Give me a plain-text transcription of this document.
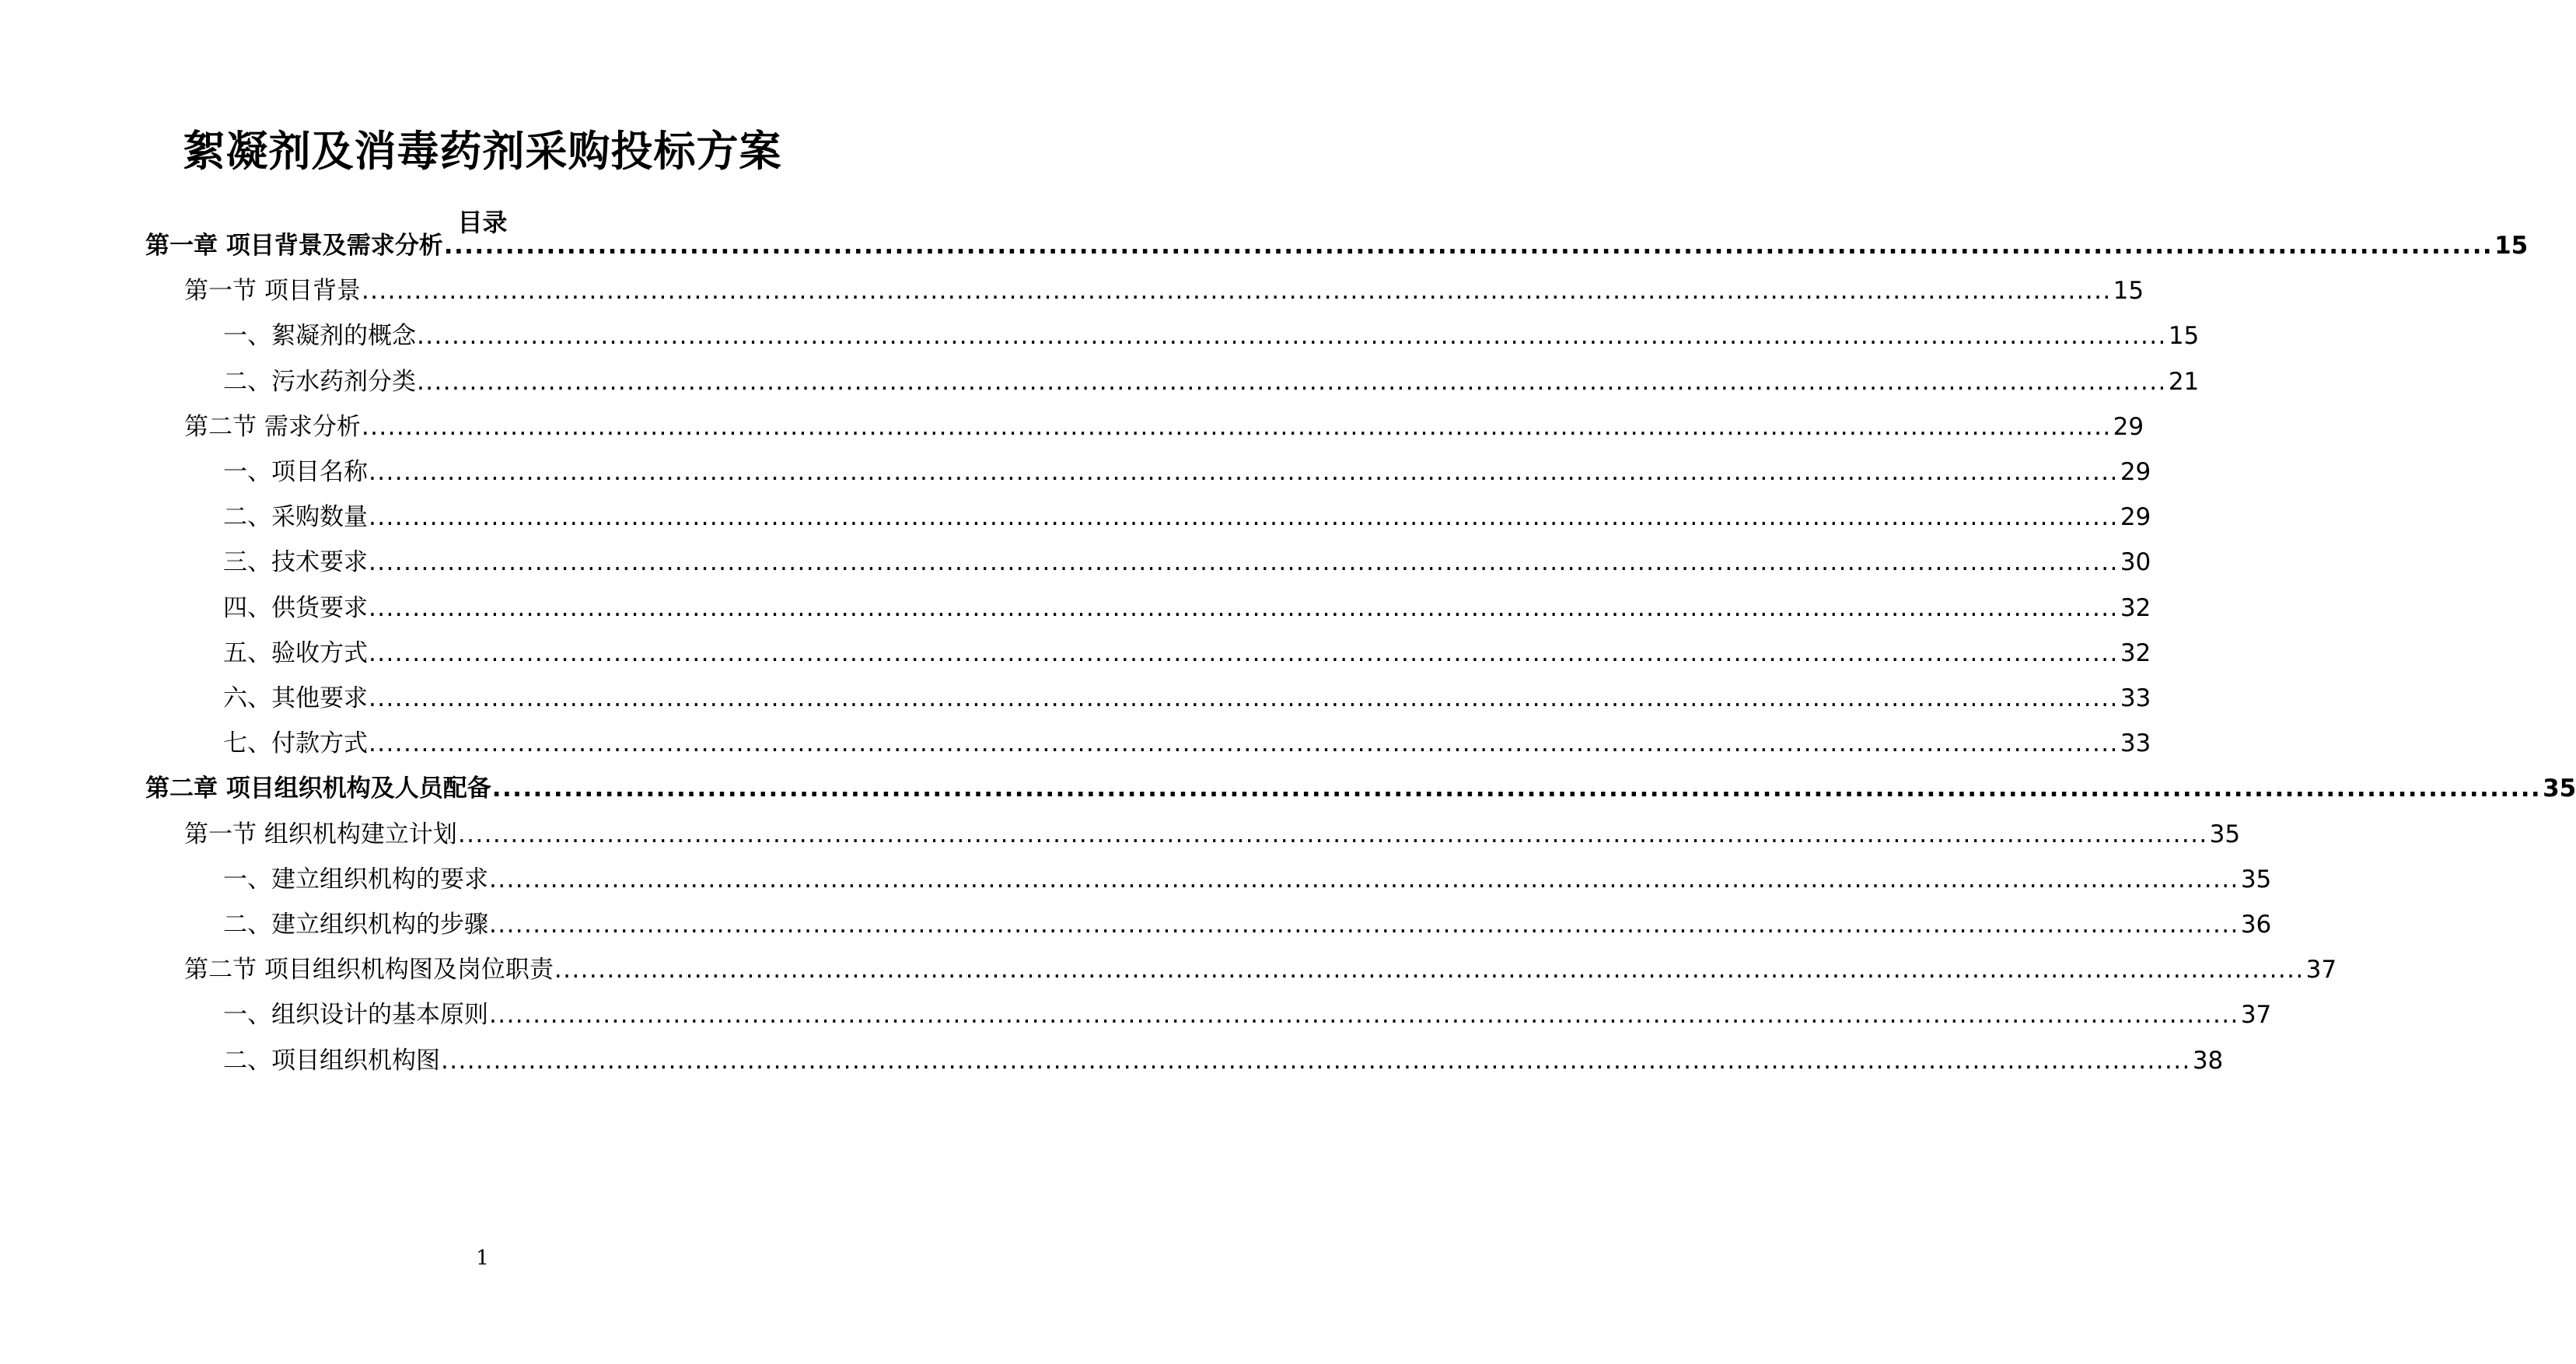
絮凝剂及消毒药剂采购投标方案
目录
第一章 项目背景及需求分析 ........................................................................................................................................................................................................ 15
第一节 项目背景 ........................................................................................................................................................................................................ 15
一、絮凝剂的概念 ........................................................................................................................................................................................................ 15
二、污水药剂分类 ........................................................................................................................................................................................................ 21
第二节 需求分析 ........................................................................................................................................................................................................ 29
一、项目名称 ........................................................................................................................................................................................................ 29
二、采购数量 ........................................................................................................................................................................................................ 29
三、技术要求 ........................................................................................................................................................................................................ 30
四、供货要求 ........................................................................................................................................................................................................ 32
五、验收方式 ........................................................................................................................................................................................................ 32
六、其他要求 ........................................................................................................................................................................................................ 33
七、付款方式 ........................................................................................................................................................................................................ 33
第二章 项目组织机构及人员配备 ........................................................................................................................................................................................................ 35
第一节 组织机构建立计划 ........................................................................................................................................................................................................ 35
一、建立组织机构的要求 ........................................................................................................................................................................................................ 35
二、建立组织机构的步骤 ........................................................................................................................................................................................................ 36
第二节 项目组织机构图及岗位职责 ........................................................................................................................................................................................................ 37
一、组织设计的基本原则 ........................................................................................................................................................................................................ 37
二、项目组织机构图 ........................................................................................................................................................................................................ 38
1
